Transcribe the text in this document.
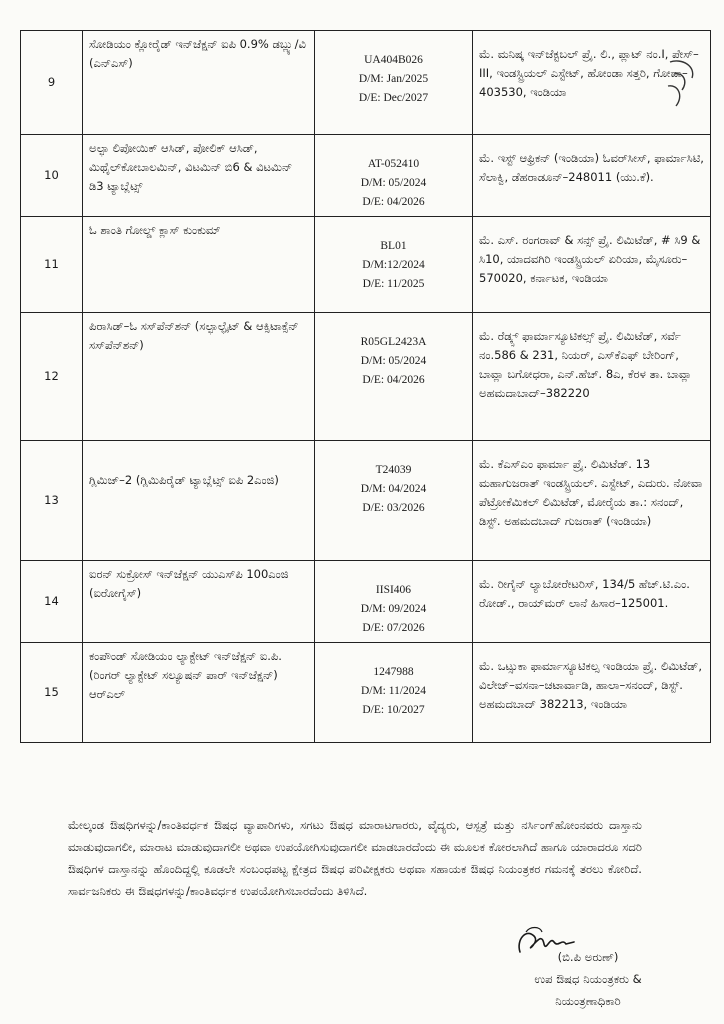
9	ಸೋಡಿಯಂ ಕ್ಲೋರೈಡ್ ಇನ್‌ಜೆಕ್ಷನ್ ಐಪಿ 0.9% ಡಬ್ಲ್ಯು/ವಿ (ಎನ್‌ಎಸ್)	UA404B026
D/M: Jan/2025
D/E: Dec/2027	ಮೆ. ಮನಿಷ್ಕ ಇನ್‌ಜೆಕ್ಟಬಲ್ ಪ್ರೈ. ಲಿ., ಪ್ಲಾಟ್ ನಂ.I, ಪೇಸ್–III, ಇಂಡಸ್ಟ್ರಿಯಲ್ ಎಸ್ಟೇಟ್, ಹೋಂಡಾ ಸತ್ತರಿ, ಗೋವಾ–403530, ಇಂಡಿಯಾ
10	ಅಲ್ಫಾ ಲಿಪೋಯಿಕ್ ಆಸಿಡ್, ಪೋಲಿಕ್ ಆಸಿಡ್, ಮಿಥೈಲ್‌ಕೋಬಾಲಮಿನ್, ವಿಟಮಿನ್ ಬಿ6 & ವಿಟಮಿನ್ ಡಿ3 ಟ್ಯಾಬ್ಲೆಟ್ಸ್	AT-052410
D/M: 05/2024
D/E: 04/2026	ಮೆ. ಇಸ್ಟ್ ಆಫ್ರಿಕನ್ (ಇಂಡಿಯಾ) ಓವರ್‌ಸೀಸ್, ಫಾರ್ಮಾಸಿಟಿ, ಸೆಲಾಕ್ವಿ, ಡೆಹರಾಡೂನ್–248011 (ಯು.ಕೆ).
11	ಓ ಶಾಂತಿ ಗೋಲ್ಡ್ ಕ್ಲಾಸ್ ಕುಂಕುಮ್	BL01
D/M:12/2024
D/E: 11/2025	ಮೆ. ಎಸ್. ರಂಗರಾವ್ & ಸನ್ಸ್ ಪ್ರೈ. ಲಿಮಿಟೆಡ್, # ಸಿ9 & ಸಿ10, ಯಾದವಗಿರಿ ಇಂಡಸ್ಟ್ರಿಯಲ್ ಏರಿಯಾ, ಮೈಸೂರು–570020, ಕರ್ನಾಟಕ, ಇಂಡಿಯಾ
12	ಪಿರಾಸಿಡ್–ಓ ಸಸ್‌ಪೆನ್‌ಶನ್ (ಸಲ್ಫಾಲ್ಫೈಟ್ & ಆಕ್ಸಿಟಾಕ್ಸೆನ್ ಸಸ್‌ಪೆನ್‌ಶನ್)	R05GL2423A
D/M: 05/2024
D/E: 04/2026	ಮೆ. ರೆಡ್ಕ್ಸ್ ಫಾರ್ಮಾಸ್ಯೂಟಿಕಲ್ಸ್ ಪ್ರೈ. ಲಿಮಿಟೆಡ್, ಸರ್ವೆ ನಂ.586 & 231, ನಿಯರ್, ಎಸ್‌ಕೆಎಫ್ ಬೇರಿಂಗ್, ಬಾವ್ಲಾ ಬಗೋಧರಾ, ಎನ್.ಹೆಚ್. 8ಎ, ಕೆರಳ ತಾ. ಬಾವ್ಲಾ ಅಹಮದಾಬಾದ್–382220
13	ಗ್ಲಿಮಿಜ್–2 (ಗ್ಲಿಮಿಪಿರೈಡ್ ಟ್ಯಾಬ್ಲೆಟ್ಸ್ ಐಪಿ 2ಎಂಜಿ)	T24039
D/M: 04/2024
D/E: 03/2026	ಮೆ. ಕೆಎಸ್‌ಎಂ ಫಾರ್ಮಾ ಪ್ರೈ. ಲಿಮಿಟೆಡ್. 13 ಮಹಾಗುಜರಾತ್ ಇಂಡಸ್ಟ್ರಿಯಲ್. ಎಸ್ಟೇಟ್, ಎದುರು. ನೋವಾ ಪೆಟ್ರೋಕೆಮಿಕಲ್ ಲಿಮಿಟೆಡ್, ಮೋರೈಯ ತಾ.: ಸನಂದ್, ಡಿಸ್ಟ್. ಅಹಮದಬಾದ್ ಗುಜರಾತ್ (ಇಂಡಿಯಾ)
14	ಐರನ್ ಸುಕ್ರೋಸ್ ಇನ್‌ಜೆಕ್ಷನ್ ಯುಎಸ್‌ಪಿ 100ಎಂಜಿ (ಐರೋಗೈಸ್)	IISI406
D/M: 09/2024
D/E: 07/2026	ಮೆ. ರೀಗೈನ್ ಲ್ಯಾಬೋರೇಟರಿಸ್, 134/5 ಹೆಚ್.ಟಿ.ಎಂ. ರೋಡ್., ರಾಯ್‌ಮರ್ ಲಾನೆ ಹಿಸಾರ–125001.
15	ಕಂಪೌಂಡ್ ಸೋಡಿಯಂ ಲ್ಯಾಕ್ಟೇಟ್ ಇನ್‌ಜೆಕ್ಷನ್ ಐ.ಪಿ. (ರಿಂಗರ್ ಲ್ಯಾಕ್ಟೇಟ್ ಸಲ್ಯೂಷನ್ ಪಾರ್ ಇನ್‌ಜೆಕ್ಷನ್) ಆರ್‌ಎಲ್	1247988
D/M: 11/2024
D/E: 10/2027	ಮೆ. ಒಟ್ಸುಕಾ ಫಾರ್ಮಾಸ್ಯೂಟಿಕಲ್ಸ ಇಂಡಿಯಾ ಪ್ರೈ. ಲಿಮಿಟೆಡ್, ವಿಲೇಜ್–ವಸನಾ–ಚಟಾರ್ವಾಡಿ, ಹಾಲಾ–ಸನಂದ್, ಡಿಸ್ಟ್. ಅಹಮದಬಾದ್ 382213, ಇಂಡಿಯಾ

ಮೇಲ್ಕಂಡ ಔಷಧಿಗಳನ್ನು/ಕಾಂತಿವರ್ಧಕ ಔಷಧ ವ್ಯಾಪಾರಿಗಳು, ಸಗಟು ಔಷಧ ಮಾರಾಟಗಾರರು, ವೈದ್ಯರು, ಆಸ್ಪತ್ರೆ ಮತ್ತು ನರ್ಸಿಂಗ್‌ಹೋಂನವರು ದಾಸ್ತಾನು ಮಾಡುವುದಾಗಲೀ, ಮಾರಾಟ ಮಾಡುವುದಾಗಲೀ ಅಥವಾ ಉಪಯೋಗಿಸುವುದಾಗಲೀ ಮಾಡಬಾರದೆಂದು ಈ ಮೂಲಕ ಕೋರಲಾಗಿದೆ ಹಾಗೂ ಯಾರಾದರೂ ಸದರಿ ಔಷಧಿಗಳ ದಾಸ್ತಾನನ್ನು ಹೊಂದಿದ್ದಲ್ಲಿ ಕೂಡಲೇ ಸಂಬಂಧಪಟ್ಟ ಕ್ಷೇತ್ರದ ಔಷಧ ಪರಿವೀಕ್ಷಕರು ಅಥವಾ ಸಹಾಯಕ ಔಷಧ ನಿಯಂತ್ರಕರ ಗಮನಕ್ಕೆ ತರಲು ಕೋರಿದೆ. ಸಾರ್ವಜನಿಕರು ಈ ಔಷಧಗಳನ್ನು/ಕಾಂತಿವರ್ಧಕ ಉಪಯೋಗಿಸಬಾರದೆಂದು ತಿಳಿಸಿದೆ.

(ಬಿ.ಪಿ ಅರುಣ್)
ಉಪ ಔಷಧ ನಿಯಂತ್ರಕರು &
ನಿಯಂತ್ರಣಾಧಿಕಾರಿ
